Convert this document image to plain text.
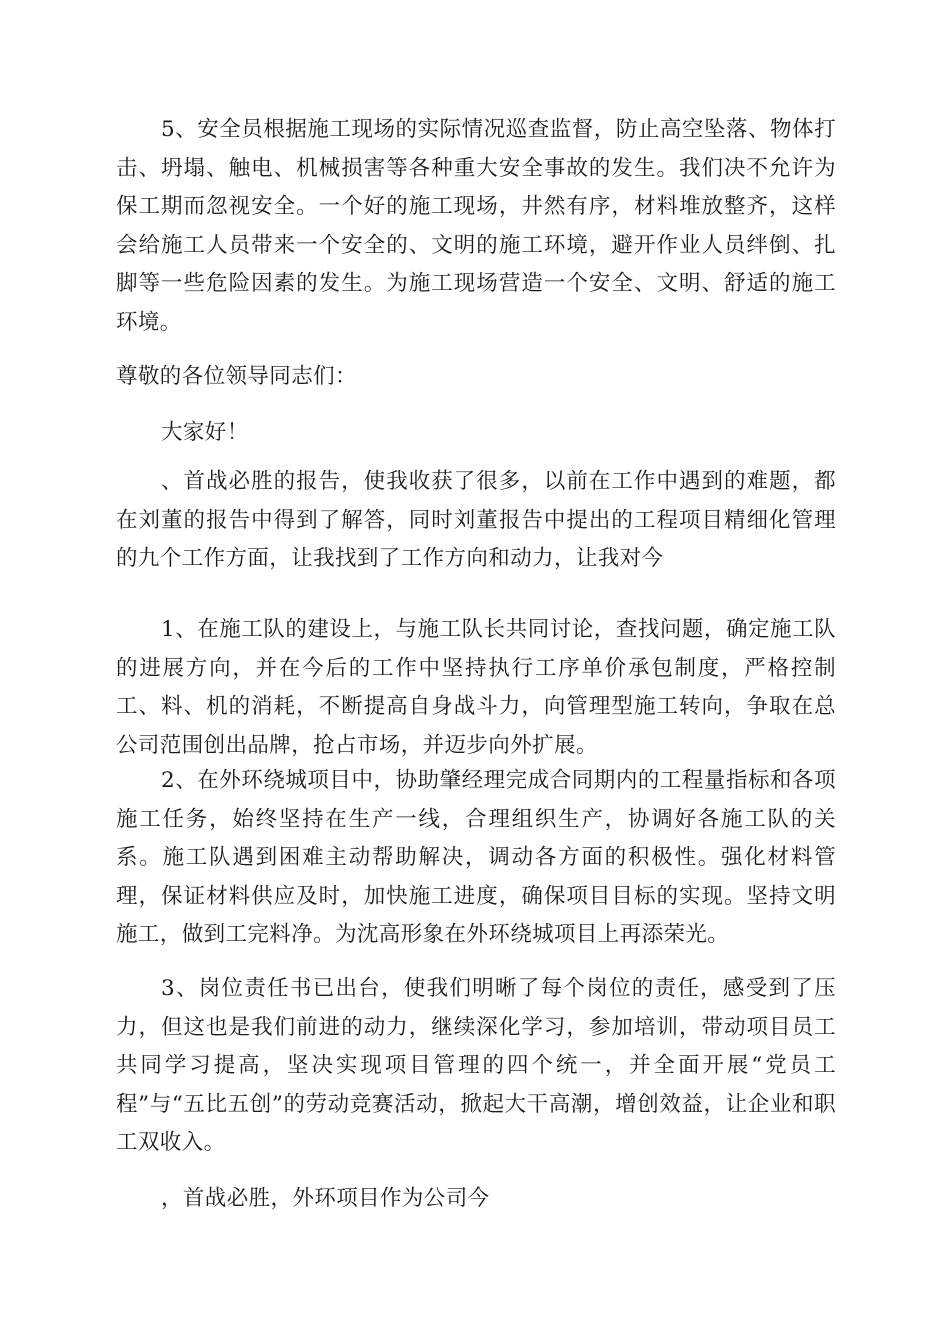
5、安全员根据施工现场的实际情况巡查监督，防止高空坠落、物体打击、坍塌、触电、机械损害等各种重大安全事故的发生。我们决不允许为保工期而忽视安全。一个好的施工现场，井然有序，材料堆放整齐，这样会给施工人员带来一个安全的、文明的施工环境，避开作业人员绊倒、扎脚等一些危险因素的发生。为施工现场营造一个安全、文明、舒适的施工环境。

尊敬的各位领导同志们：

大家好！

、首战必胜的报告，使我收获了很多，以前在工作中遇到的难题，都在刘董的报告中得到了解答，同时刘董报告中提出的工程项目精细化管理的九个工作方面，让我找到了工作方向和动力，让我对今

1、在施工队的建设上，与施工队长共同讨论，查找问题，确定施工队的进展方向，并在今后的工作中坚持执行工序单价承包制度，严格控制工、料、机的消耗，不断提高自身战斗力，向管理型施工转向，争取在总公司范围创出品牌，抢占市场，并迈步向外扩展。

2、在外环绕城项目中，协助肇经理完成合同期内的工程量指标和各项施工任务，始终坚持在生产一线，合理组织生产，协调好各施工队的关系。施工队遇到困难主动帮助解决，调动各方面的积极性。强化材料管理，保证材料供应及时，加快施工进度，确保项目目标的实现。坚持文明施工，做到工完料净。为沈高形象在外环绕城项目上再添荣光。

3、岗位责任书已出台，使我们明晰了每个岗位的责任，感受到了压力，但这也是我们前进的动力，继续深化学习，参加培训，带动项目员工共同学习提高，坚决实现项目管理的四个统一，并全面开展“党员工程”与“五比五创”的劳动竞赛活动，掀起大干高潮，增创效益，让企业和职工双收入。

，首战必胜，外环项目作为公司今
